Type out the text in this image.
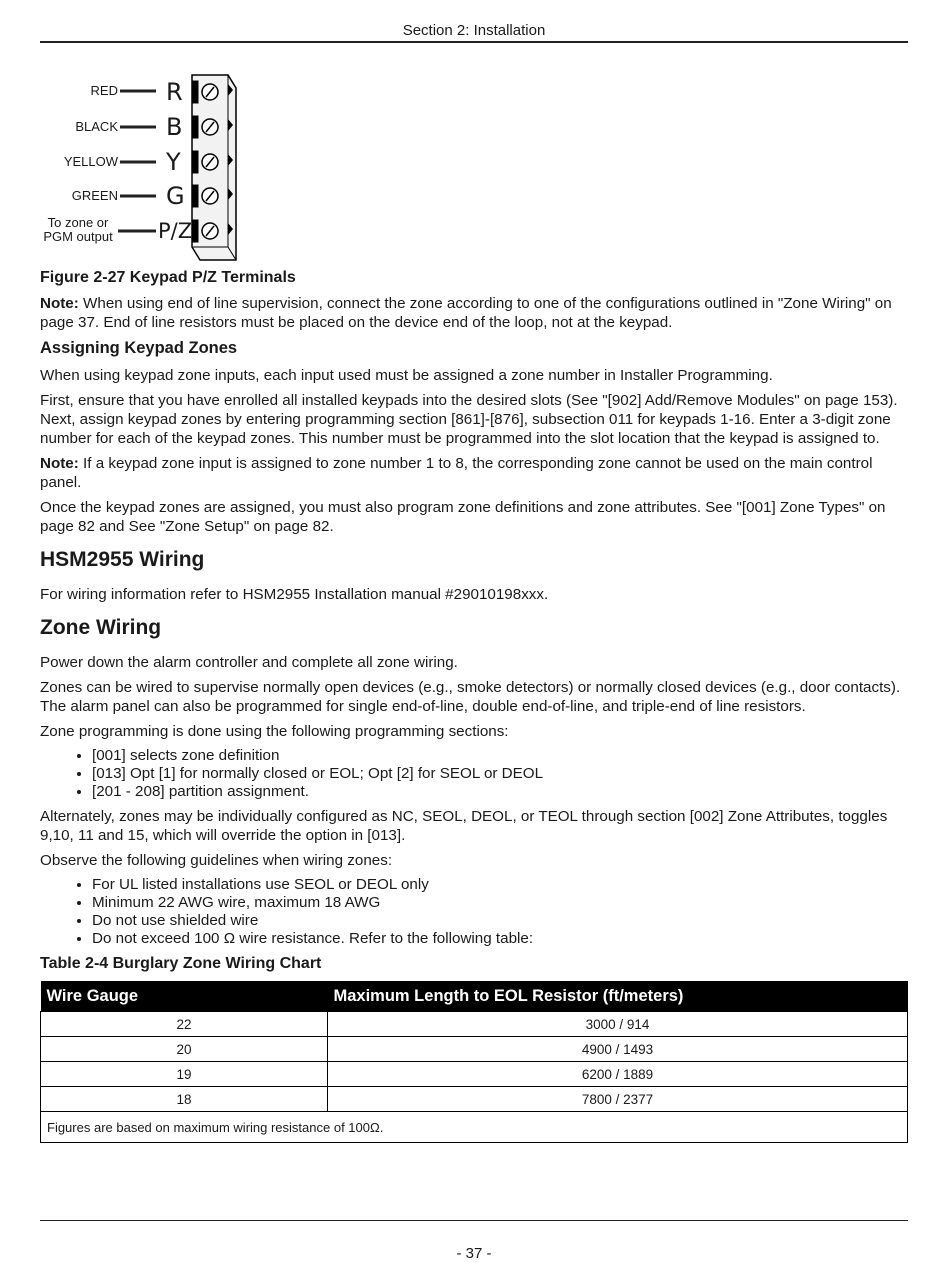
Section 2: Installation
RED
BLACK
YELLOW
GREEN
To zone or PGM output
R
B
Y
G
P/Z
Figure 2-27 Keypad P/Z Terminals

Note: When using end of line supervision, connect the zone according to one of the configurations outlined in "Zone Wiring" on page 37. End of line resistors must be placed on the device end of the loop, not at the keypad.

Assigning Keypad Zones

When using keypad zone inputs, each input used must be assigned a zone number in Installer Programming.

First, ensure that you have enrolled all installed keypads into the desired slots (See "[902] Add/Remove Modules" on page 153). Next, assign keypad zones by entering programming section [861]-[876], subsection 011 for keypads 1-16. Enter a 3-digit zone number for each of the keypad zones. This number must be programmed into the slot location that the keypad is assigned to.

Note: If a keypad zone input is assigned to zone number 1 to 8, the corresponding zone cannot be used on the main control panel.

Once the keypad zones are assigned, you must also program zone definitions and zone attributes. See "[001] Zone Types" on page 82 and See "Zone Setup" on page 82.

HSM2955 Wiring

For wiring information refer to HSM2955 Installation manual #29010198xxx.

Zone Wiring

Power down the alarm controller and complete all zone wiring.

Zones can be wired to supervise normally open devices (e.g., smoke detectors) or normally closed devices (e.g., door contacts). The alarm panel can also be programmed for single end-of-line, double end-of-line, and triple-end of line resistors.

Zone programming is done using the following programming sections:

• [001] selects zone definition
• [013] Opt [1] for normally closed or EOL; Opt [2] for SEOL or DEOL
• [201 - 208] partition assignment.

Alternately, zones may be individually configured as NC, SEOL, DEOL, or TEOL through section [002] Zone Attributes, toggles 9,10, 11 and 15, which will override the option in [013].

Observe the following guidelines when wiring zones:

• For UL listed installations use SEOL or DEOL only
• Minimum 22 AWG wire, maximum 18 AWG
• Do not use shielded wire
• Do not exceed 100 Ω wire resistance. Refer to the following table:
Table 2-4 Burglary Zone Wiring Chart
Wire Gauge	Maximum Length to EOL Resistor (ft/meters)
22	3000 / 914
20	4900 / 1493
19	6200 / 1889
18	7800 / 2377
Figures are based on maximum wiring resistance of 100Ω.	
- 37 -
